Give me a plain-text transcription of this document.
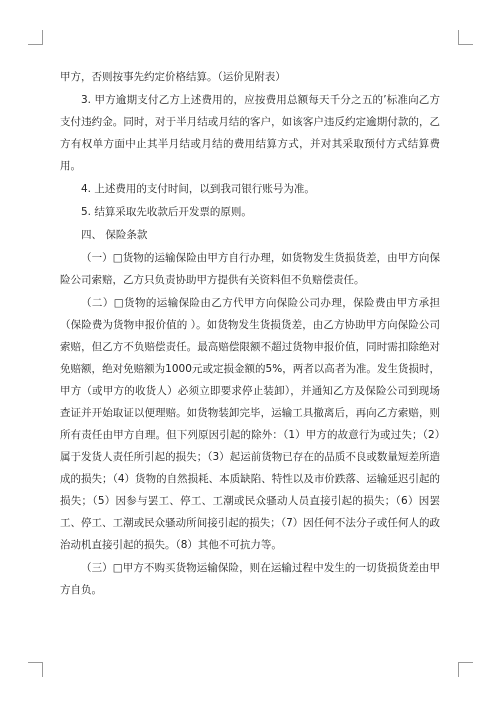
甲方，否则按事先约定价格结算。（运价见附表）

3. 甲方逾期支付乙方上述费用的，应按费用总额每天千分之五的’标准向乙方支付违约金。同时，对于半月结或月结的客户，如该客户违反约定逾期付款的，乙方有权单方面中止其半月结或月结的费用结算方式，并对其采取预付方式结算费用。

4. 上述费用的支付时间，以到我司银行账号为准。

5. 结算采取先收款后开发票的原则。

四、 保险条款

（一）□货物的运输保险由甲方自行办理，如货物发生货损货差，由甲方向保险公司索赔，乙方只负责协助甲方提供有关资料但不负赔偿责任。

（二）□货物的运输保险由乙方代甲方向保险公司办理，保险费由甲方承担（保险费为货物申报价值的 ）。如货物发生货损货差，由乙方协助甲方向保险公司索赔，但乙方不负赔偿责任。最高赔偿限额不超过货物申报价值，同时需扣除绝对免赔额，绝对免赔额为1000元或定损金额的5%，两者以高者为准。发生货损时，甲方（或甲方的收货人）必须立即要求停止装卸），并通知乙方及保险公司到现场查证并开始取证以便理赔。如货物装卸完毕，运输工具撤离后，再向乙方索赔，则所有责任由甲方自理。但下列原因引起的除外：（1）甲方的故意行为或过失；（2）属于发货人责任所引起的损失；（3）起运前货物已存在的品质不良或数量短差所造成的损失；（4）货物的自然损耗、本质缺陷、特性以及市价跌落、运输延迟引起的损失；（5）因参与罢工、停工、工潮或民众骚动人员直接引起的损失；（6）因罢工、停工、工潮或民众骚动所间接引起的损失；（7）因任何不法分子或任何人的政治动机直接引起的损失。（8）其他不可抗力等。

（三）□甲方不购买货物运输保险，则在运输过程中发生的一切货损货差由甲方自负。
